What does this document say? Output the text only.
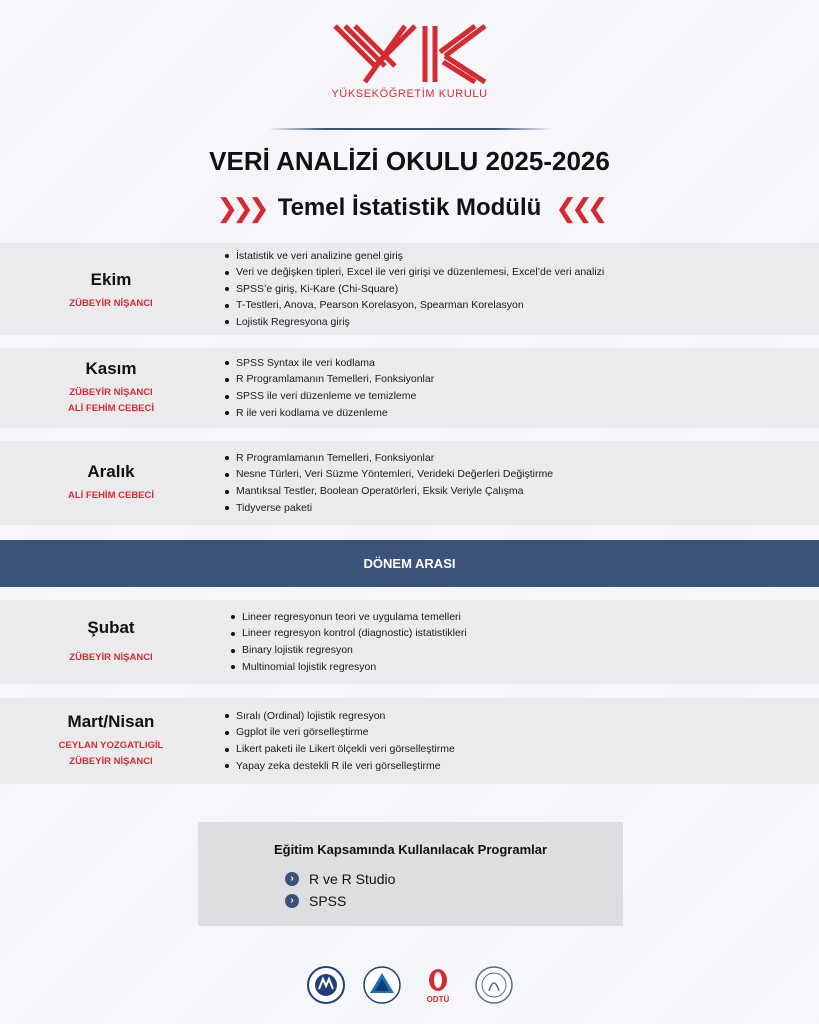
YÜKSEKÖĞRETİM KURULU
VERİ ANALİZİ OKULU 2025-2026
❯❯❯ Temel İstatistik Modülü ❮❮❮
Ekim
ZÜBEYİR NİŞANCI
İstatistik ve veri analizine genel giriş
Veri ve değişken tipleri, Excel ile veri girişi ve düzenlemesi, Excel’de veri analizi
SPSS’e giriş, Ki-Kare (Chi-Square)
T-Testleri, Anova, Pearson Korelasyon, Spearman Korelasyon
Lojistik Regresyona giriş
Kasım
ZÜBEYİR NİŞANCI
ALİ FEHİM CEBECİ
SPSS Syntax ile veri kodlama
R Programlamanın Temelleri, Fonksiyonlar
SPSS ile veri düzenleme ve temizleme
R ile veri kodlama ve düzenleme
Aralık
ALİ FEHİM CEBECİ
R Programlamanın Temelleri, Fonksiyonlar
Nesne Türleri, Veri Süzme Yöntemleri, Verideki Değerleri Değiştirme
Mantıksal Testler, Boolean Operatörleri, Eksik Veriyle Çalışma
Tidyverse paketi
DÖNEM ARASI
Şubat
ZÜBEYİR NİŞANCI
Lineer regresyonun teori ve uygulama temelleri
Lineer regresyon kontrol (diagnostic) istatistikleri
Binary lojistik regresyon
Multinomial lojistik regresyon
Mart/Nisan
CEYLAN YOZGATLIGİL
ZÜBEYİR NİŞANCI
Sıralı (Ordinal) lojistik regresyon
Ggplot ile veri görselleştirme
Likert paketi ile Likert ölçekli veri görselleştirme
Yapay zeka destekli R ile veri görselleştirme
Eğitim Kapsamında Kullanılacak Programlar
›	R ve R Studio
›	SPSS
ODTÜ
